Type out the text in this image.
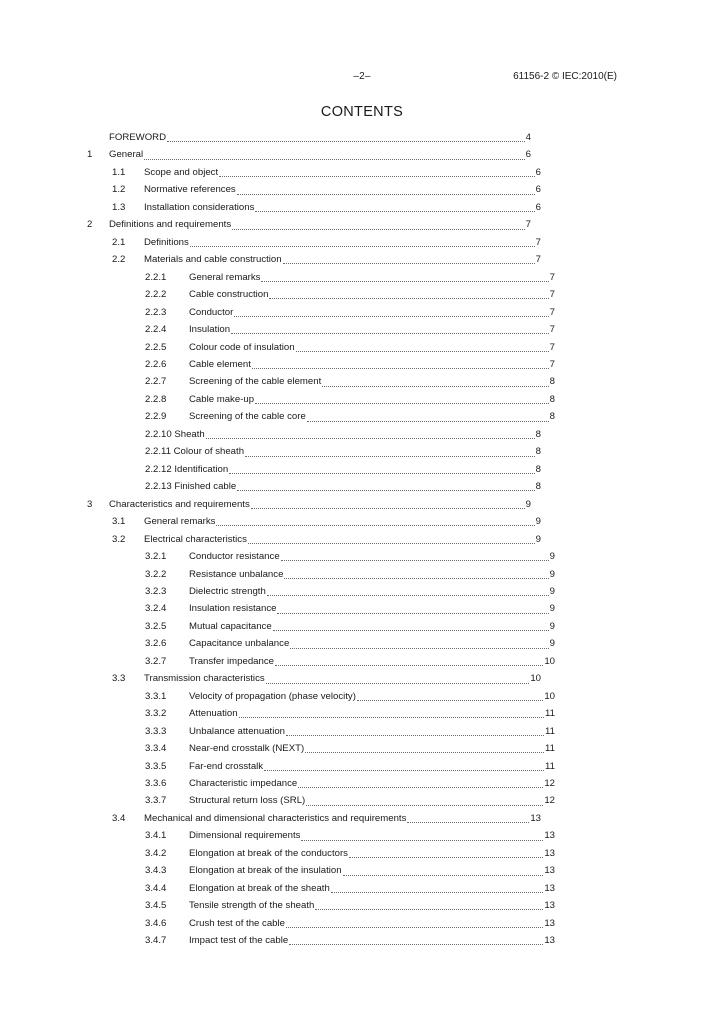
–2–	61156-2 © IEC:2010(E)
CONTENTS
FOREWORD	4
1	General	6
1.1	Scope and object	6
1.2	Normative references	6
1.3	Installation considerations	6
2	Definitions and requirements	7
2.1	Definitions	7
2.2	Materials and cable construction	7
2.2.1	General remarks	7
2.2.2	Cable construction	7
2.2.3	Conductor	7
2.2.4	Insulation	7
2.2.5	Colour code of insulation	7
2.2.6	Cable element	7
2.2.7	Screening of the cable element	8
2.2.8	Cable make-up	8
2.2.9	Screening of the cable core	8
2.2.10 Sheath	8
2.2.11 Colour of sheath	8
2.2.12 Identification	8
2.2.13 Finished cable	8
3	Characteristics and requirements	9
3.1	General remarks	9
3.2	Electrical characteristics	9
3.2.1	Conductor resistance	9
3.2.2	Resistance unbalance	9
3.2.3	Dielectric strength	9
3.2.4	Insulation resistance	9
3.2.5	Mutual capacitance	9
3.2.6	Capacitance unbalance	9
3.2.7	Transfer impedance	10
3.3	Transmission characteristics	10
3.3.1	Velocity of propagation (phase velocity)	10
3.3.2	Attenuation	11
3.3.3	Unbalance attenuation	11
3.3.4	Near-end crosstalk (NEXT)	11
3.3.5	Far-end crosstalk	11
3.3.6	Characteristic impedance	12
3.3.7	Structural return loss (SRL)	12
3.4	Mechanical and dimensional characteristics and requirements	13
3.4.1	Dimensional requirements	13
3.4.2	Elongation at break of the conductors	13
3.4.3	Elongation at break of the insulation	13
3.4.4	Elongation at break of the sheath	13
3.4.5	Tensile strength of the sheath	13
3.4.6	Crush test of the cable	13
3.4.7	Impact test of the cable	13
